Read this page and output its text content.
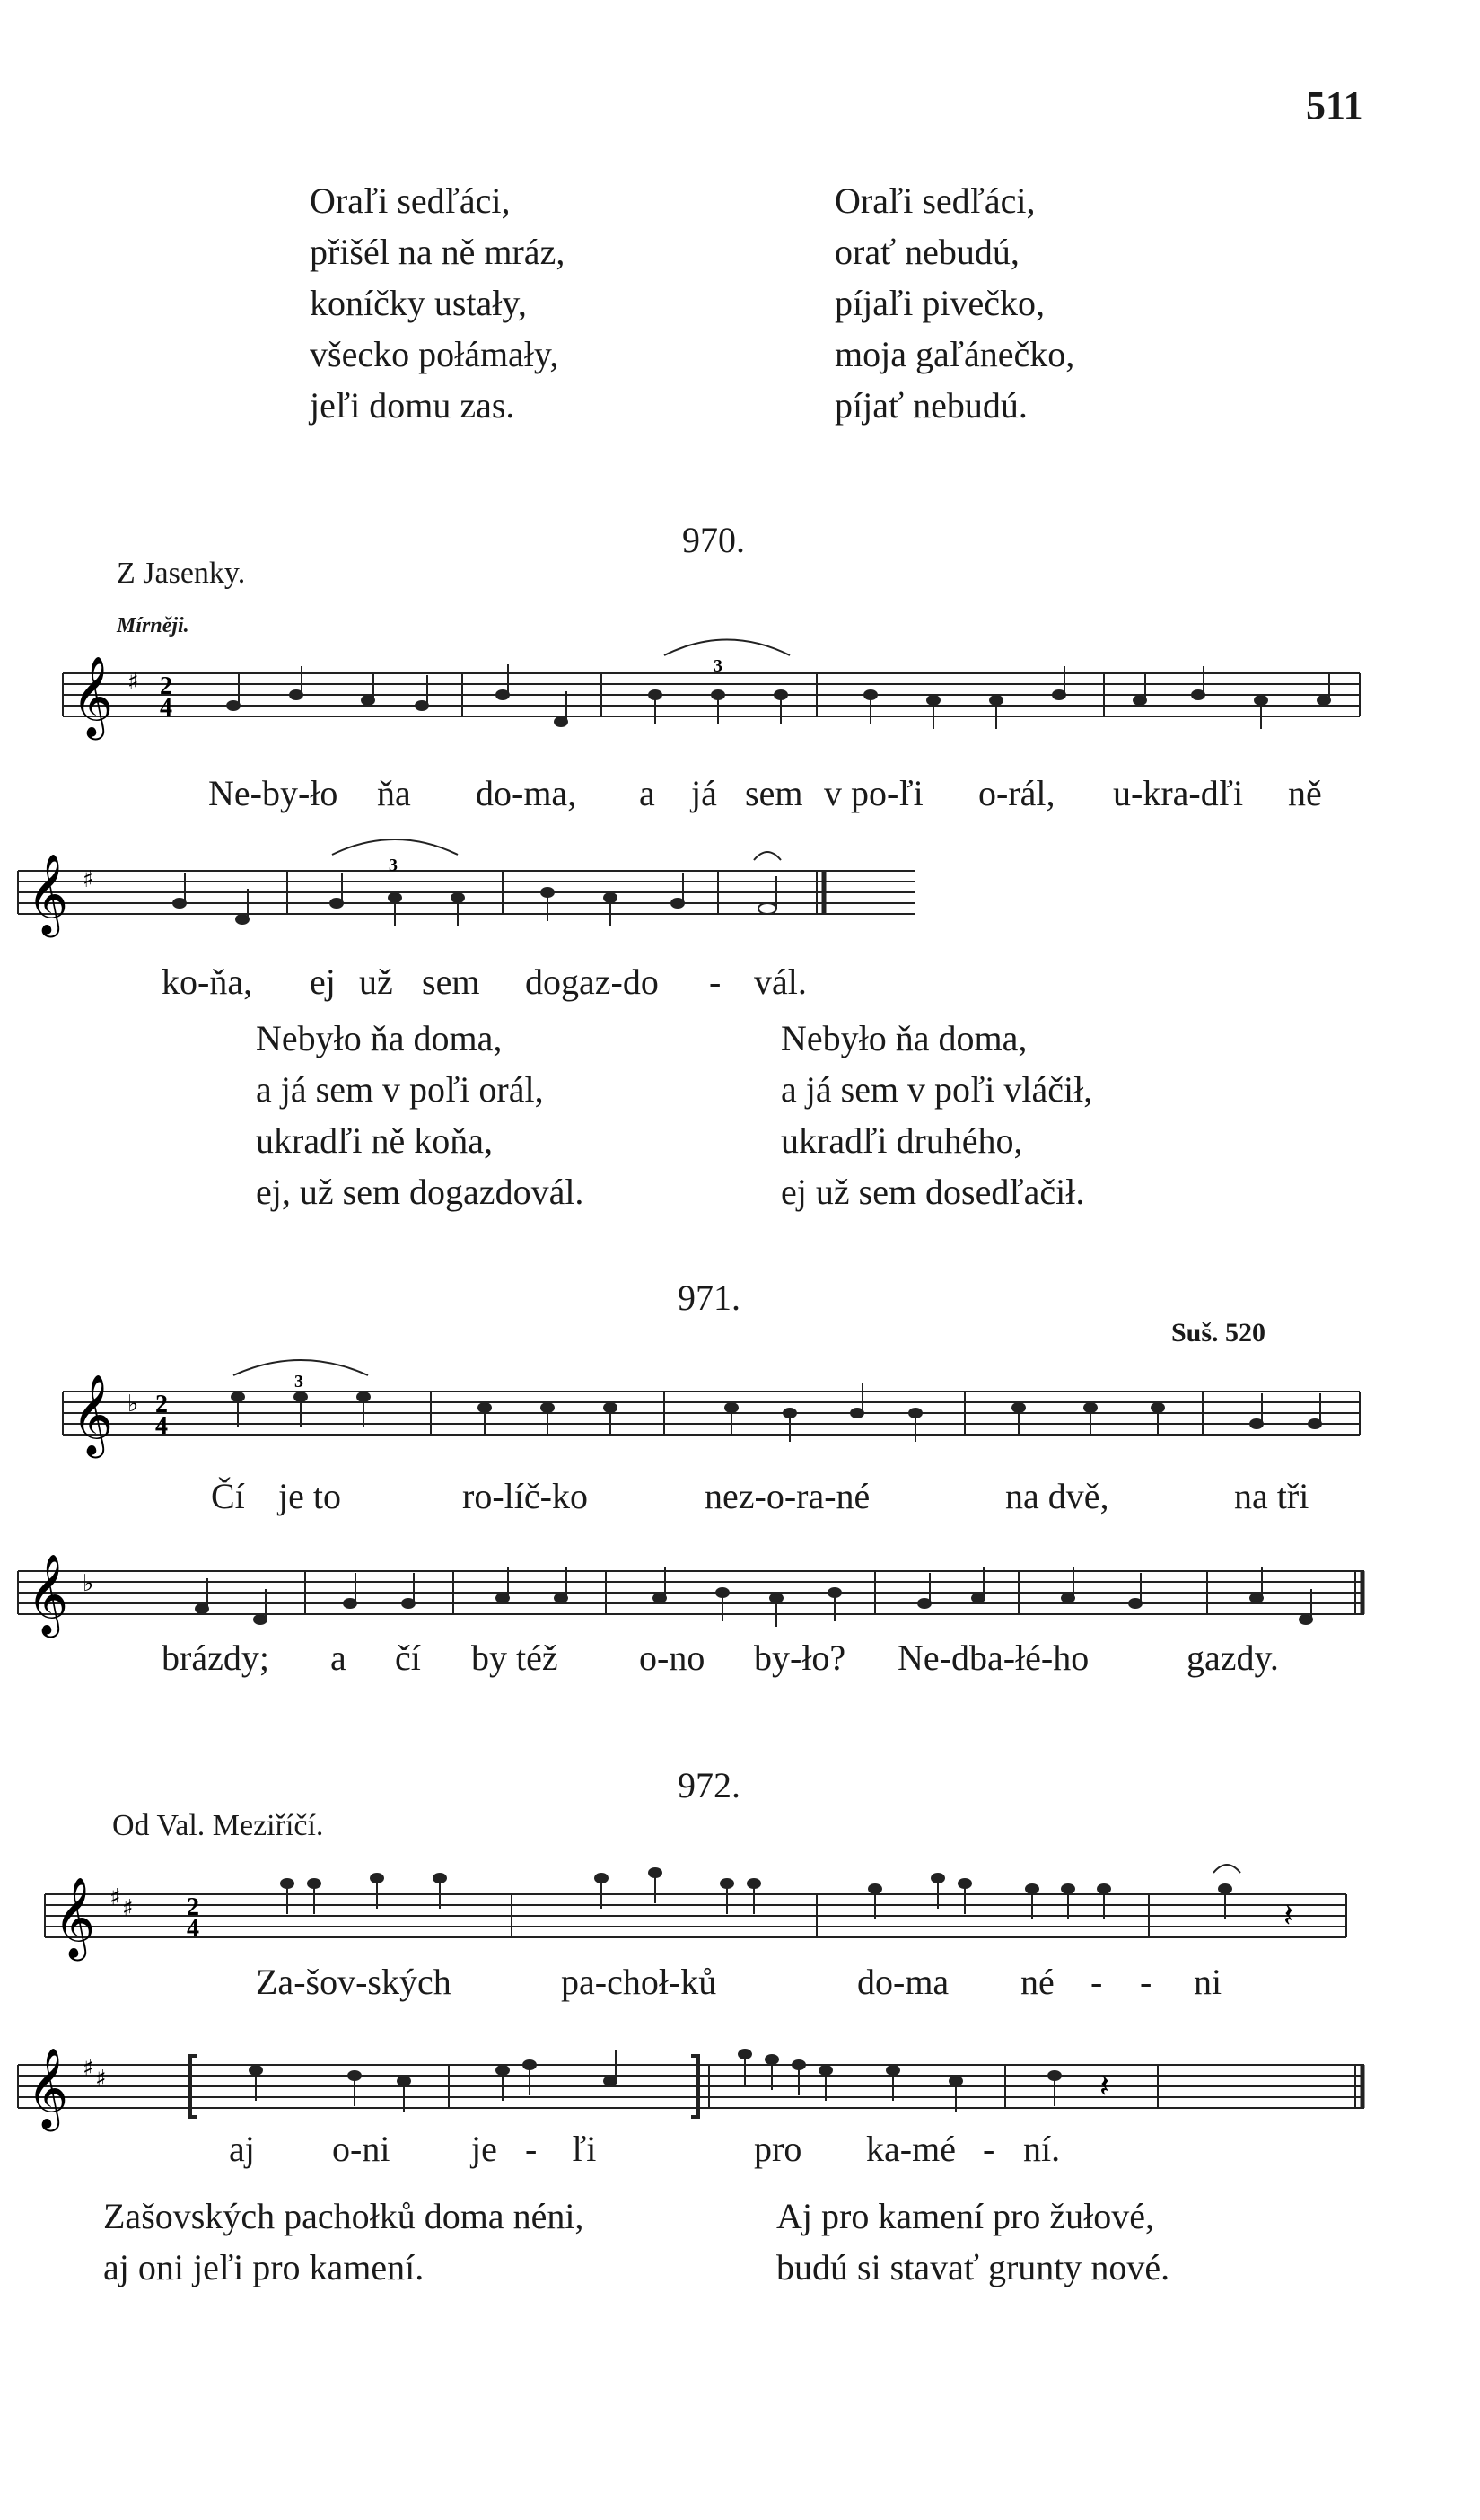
511
Oraľi sedľáci,
přišél na ně mráz,
koníčky ustały,
všecko połámały,
jeľi domu zas.
Oraľi sedľáci,
orať nebudú,
píjaľi pivečko,
moja gaľánečko,
píjať nebudú.
970.
Z Jasenky.
Mírněji.
𝄞 ♯ 2
4
3
Ne-by-ło ňa do-ma, a já sem v po-ľi o-rál, u-kra-dľi ně
𝄞 ♯
3
ko-ňa, ej už sem dogaz-do - vál.
Nebyło ňa doma,
a já sem v poľi orál,
ukradľi ně koňa,
ej, už sem dogazdovál.
Nebyło ňa doma,
a já sem v poľi vláčił,
ukradľi druhého,
ej už sem dosedľačił.
971.
Suš. 520
𝄞 ♭ 2
4
3
Čí je to	ro-líč-ko	nez-o-ra-né	na dvě,	na tři
𝄞 ♭
brázdy; a čí by též o-no by-ło? Ne-dba-łé-ho	gazdy.
972.
Od Val. Meziříčí.
𝄞 ♯ ♯ 2
4	𝄽
Za-šov-ských	pa-choł-ků	do-ma né - - ni
𝄞 ♯ ♯	𝄽
aj o-ni je - ľi	pro ka-mé - ní.
Zašovských pachołků doma néni,
aj oni jeľi pro kamení.
Aj pro kamení pro žułové,
budú si stavať grunty nové.
